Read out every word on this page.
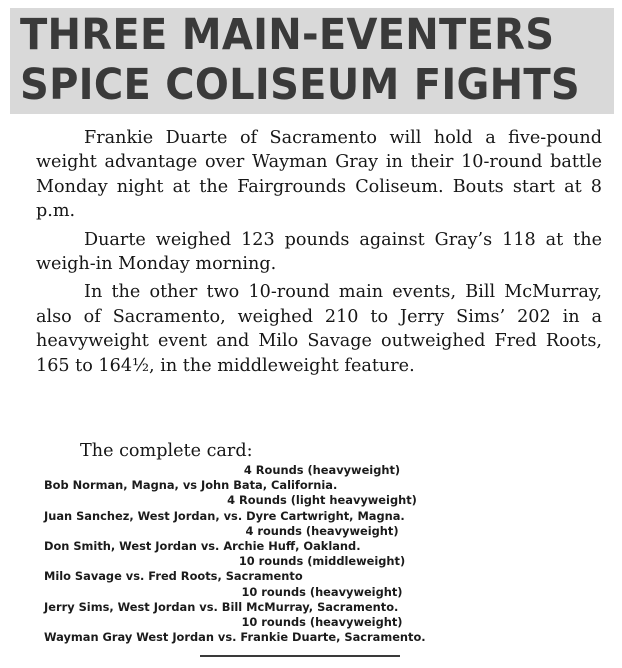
THREE MAIN-EVENTERS
SPICE COLISEUM FIGHTS

Frankie Duarte of Sacramento will hold a five-pound weight advantage over Wayman Gray in their 10-round battle Monday night at the Fairgrounds Coliseum. Bouts start at 8 p.m.

Duarte weighed 123 pounds against Gray’s 118 at the weigh-in Monday morning.

In the other two 10-round main events, Bill McMurray, also of Sacramento, weighed 210 to Jerry Sims’ 202 in a heavyweight event and Milo Savage outweighed Fred Roots, 165 to 164½, in the middleweight feature.

The complete card:
4 Rounds (heavyweight)
Bob Norman, Magna, vs John Bata, California.
4 Rounds (light heavyweight)
Juan Sanchez, West Jordan, vs. Dyre Cartwright, Magna.
4 rounds (heavyweight)
Don Smith, West Jordan vs. Archie Huff, Oakland.
10 rounds (middleweight)
Milo Savage vs. Fred Roots, Sacramento
10 rounds (heavyweight)
Jerry Sims, West Jordan vs. Bill McMurray, Sacramento.
10 rounds (heavyweight)
Wayman Gray West Jordan vs. Frankie Duarte, Sacramento.
